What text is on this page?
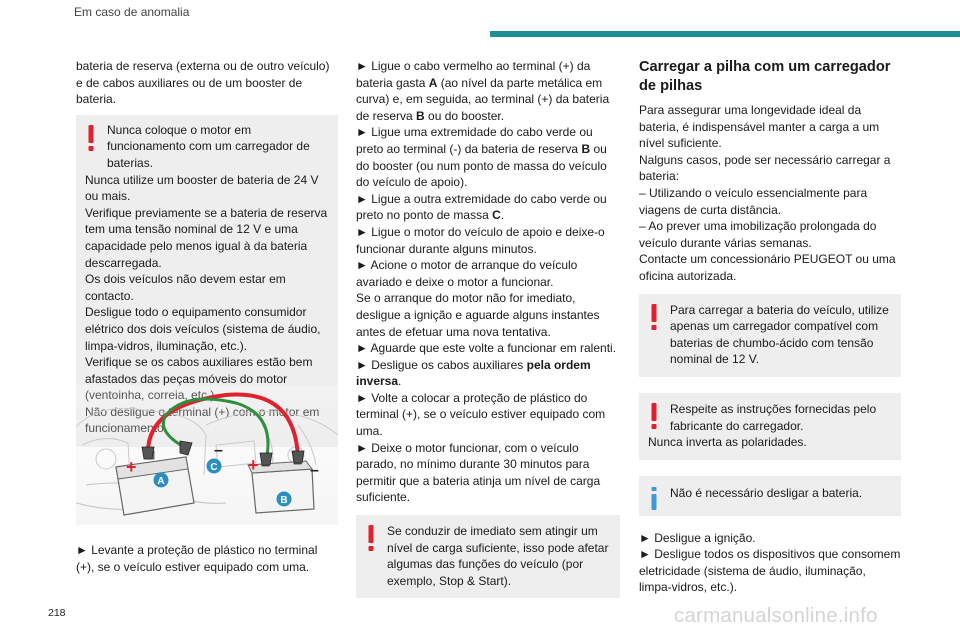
Em caso de anomalia

bateria de reserva (externa ou de outro veículo) e de cabos auxiliares ou de um booster de bateria.

Nunca coloque o motor em funcionamento com um carregador de baterias.

Nunca utilize um booster de bateria de 24 V ou mais.

Verifique previamente se a bateria de reserva tem uma tensão nominal de 12 V e uma capacidade pelo menos igual à da bateria descarregada.

Os dois veículos não devem estar em contacto.

Desligue todo o equipamento consumidor elétrico dos dois veículos (sistema de áudio, limpa-vidros, iluminação, etc.).

Verifique se os cabos auxiliares estão bem afastados das peças móveis do motor (ventoinha, correia, etc.).

Não desligue o terminal (+) com o motor em funcionamento.

+	+
–
–
A
B
C

► Levante a proteção de plástico no terminal (+), se o veículo estiver equipado com uma.

► Ligue o cabo vermelho ao terminal (+) da bateria gasta A (ao nível da parte metálica em curva) e, em seguida, ao terminal (+) da bateria de reserva B ou do booster.

► Ligue uma extremidade do cabo verde ou preto ao terminal (-) da bateria de reserva B ou do booster (ou num ponto de massa do veículo do veículo de apoio).

► Ligue a outra extremidade do cabo verde ou preto no ponto de massa C.

► Ligue o motor do veículo de apoio e deixe-o funcionar durante alguns minutos.

► Acione o motor de arranque do veículo avariado e deixe o motor a funcionar.

Se o arranque do motor não for imediato, desligue a ignição e aguarde alguns instantes antes de efetuar uma nova tentativa.

► Aguarde que este volte a funcionar em ralenti.

► Desligue os cabos auxiliares pela ordem inversa.

► Volte a colocar a proteção de plástico do terminal (+), se o veículo estiver equipado com uma.

► Deixe o motor funcionar, com o veículo parado, no mínimo durante 30 minutos para permitir que a bateria atinja um nível de carga suficiente.

Se conduzir de imediato sem atingir um nível de carga suficiente, isso pode afetar algumas das funções do veículo (por exemplo, Stop & Start).

Carregar a pilha com um carregador de pilhas

Para assegurar uma longevidade ideal da bateria, é indispensável manter a carga a um nível suficiente.

Nalguns casos, pode ser necessário carregar a bateria:

– Utilizando o veículo essencialmente para viagens de curta distância.

– Ao prever uma imobilização prolongada do veículo durante várias semanas.

Contacte um concessionário PEUGEOT ou uma oficina autorizada.

Para carregar a bateria do veículo, utilize apenas um carregador compatível com baterias de chumbo-ácido com tensão nominal de 12 V.

Respeite as instruções fornecidas pelo fabricante do carregador.

Nunca inverta as polaridades.

Não é necessário desligar a bateria.

► Desligue a ignição.

► Desligue todos os dispositivos que consomem eletricidade (sistema de áudio, iluminação, limpa-vidros, etc.).

218	carmanualsonline.info
